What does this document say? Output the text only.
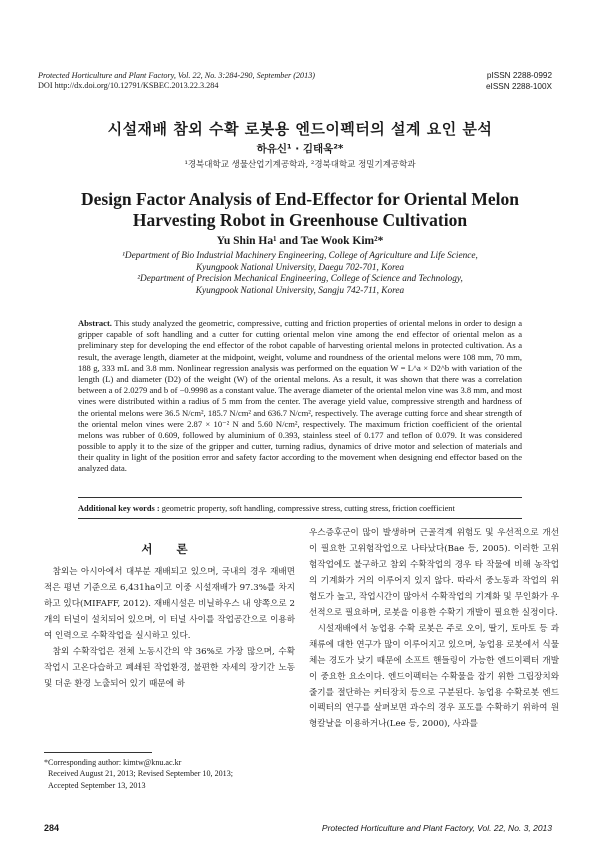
Protected Horticulture and Plant Factory, Vol. 22, No. 3:284-290, September (2013)
DOI http://dx.doi.org/10.12791/KSBEC.2013.22.3.284
pISSN 2288-0992
eISSN 2288-100X
시설재배 참외 수확 로봇용 엔드이펙터의 설계 요인 분석
하유신¹ · 김태욱²*
¹경북대학교 생물산업기계공학과, ²경북대학교 정밀기계공학과
Design Factor Analysis of End-Effector for Oriental Melon
Harvesting Robot in Greenhouse Cultivation
Yu Shin Ha¹ and Tae Wook Kim²*
¹Department of Bio Industrial Machinery Engineering, College of Agriculture and Life Science,
Kyungpook National University, Daegu 702-701, Korea
²Department of Precision Mechanical Engineering, College of Science and Technology,
Kyungpook National University, Sangju 742-711, Korea
Abstract. This study analyzed the geometric, compressive, cutting and friction properties of oriental melons in order to design a gripper capable of soft handling and a cutter for cutting oriental melon vine among the end effector of oriental melon as a preliminary step for developing the end effector of the robot capable of harvesting oriental melons in protected cultivation. As a result, the average length, diameter at the midpoint, weight, volume and roundness of the oriental melons were 108 mm, 70 mm, 188 g, 333 mL and 3.8 mm. Nonlinear regression analysis was performed on the equation W = L^a × D2^b with variation of the length (L) and diameter (D2) of the weight (W) of the oriental melons. As a result, it was shown that there was a correlation between a of 2.0279 and b of −0.9998 as a constant value. The average diameter of the oriental melon vine was 3.8 mm, and most vines were distributed within a radius of 5 mm from the center. The average yield value, compressive strength and hardness of the oriental melons were 36.5 N/cm², 185.7 N/cm² and 636.7 N/cm², respectively. The average cutting force and shear strength of the oriental melon vines were 2.87 × 10⁻² N and 5.60 N/cm², respectively. The maximum friction coefficient of the oriental melons was rubber of 0.609, followed by aluminium of 0.393, stainless steel of 0.177 and teflon of 0.079. It was considered possible to apply it to the size of the gripper and cutter, turning radius, dynamics of drive motor and selection of materials and their quality in light of the position error and safety factor according to the movement when designing end effector based on the analyzed data.
Additional key words : geometric property, soft handling, compressive stress, cutting stress, friction coefficient
서 론

참외는 아시아에서 대부분 재배되고 있으며, 국내의 경우 재배면적은 평년 기준으로 6,431ha이고 이중 시설재배가 97.3%를 차지하고 있다(MIFAFF, 2012). 재배시설은 비닐하우스 내 양쪽으로 2개의 터널이 설치되어 있으며, 이 터널 사이를 작업공간으로 이용하여 인력으로 수확작업을 실시하고 있다.

참외 수확작업은 전체 노동시간의 약 36%로 가장 많으며, 수확작업시 고온다습하고 폐쇄된 작업환경, 불편한 자세의 장기간 노동 및 더운 환경 노출되어 있기 때문에 하

우스증후군이 많이 발생하며 근골격계 위험도 및 우선적으로 개선이 필요한 고위험작업으로 나타났다(Bae 등, 2005). 이러한 고위험작업에도 불구하고 참외 수확작업의 경우 타 작물에 비해 농작업의 기계화가 거의 이루어지 있지 않다. 따라서 중노동과 작업의 위험도가 높고, 작업시간이 많아서 수확작업의 기계화 및 무인화가 우선적으로 필요하며, 로봇을 이용한 수확기 개발이 필요한 실정이다.

시설재배에서 농업용 수확 로봇은 주로 오이, 딸기, 토마토 등 과채류에 대한 연구가 많이 이루어지고 있으며, 농업용 로봇에서 식물체는 경도가 낮기 때문에 소프트 핸들링이 가능한 엔드이펙터 개발이 중요한 요소이다. 엔드이펙터는 수확물을 잡기 위한 그립장치와 줄기를 절단하는 커터장치 등으로 구분된다. 농업용 수확로봇 엔드이펙터의 연구를 살펴보면 과수의 경우 포도를 수확하기 위하여 원형칼날을 이용하거나(Lee 등, 2000), 사과를

*Corresponding author: kimtw@knu.ac.kr
Received August 21, 2013; Revised September 10, 2013;
Accepted September 13, 2013
284	Protected Horticulture and Plant Factory, Vol. 22, No. 3, 2013
